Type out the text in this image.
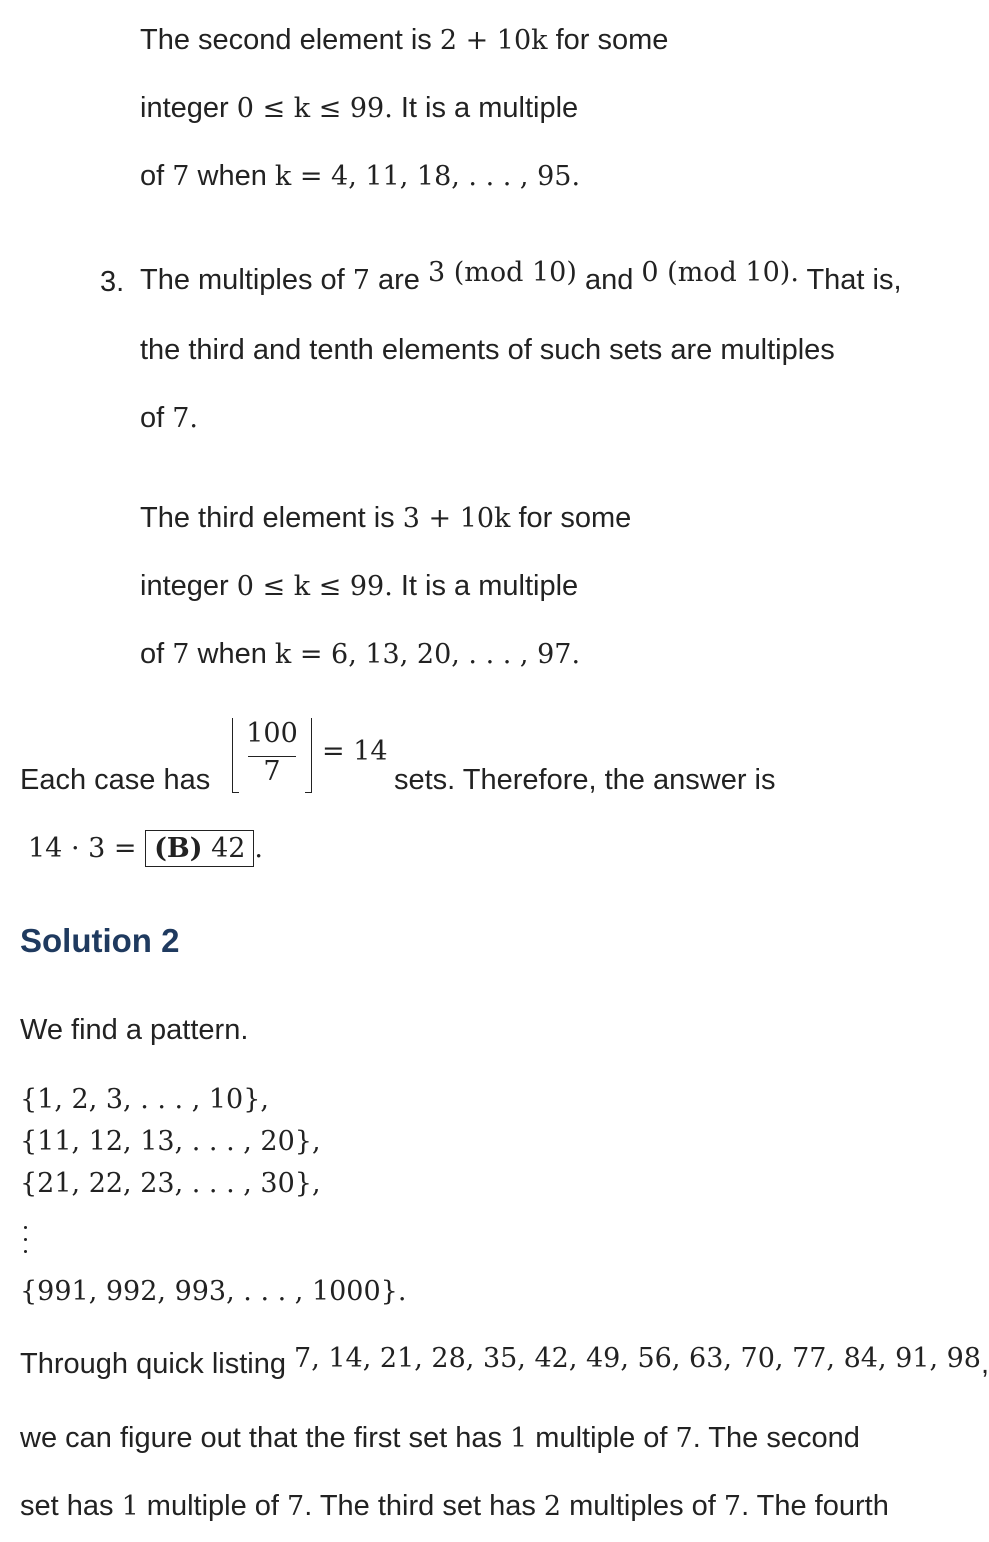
The second element is 2 + 10k for some
integer 0 ≤ k ≤ 99. It is a multiple
of 7 when k = 4, 11, 18, . . . , 95.
3. The multiples of 7 are 3 (mod 10) and 0 (mod 10). That is,
the third and tenth elements of such sets are multiples
of 7.
The third element is 3 + 10k for some
integer 0 ≤ k ≤ 99. It is a multiple
of 7 when k = 6, 13, 20, . . . , 97.
Each case has
100
7
= 14
sets. Therefore, the answer is
14 · 3 = (B) 42 .
Solution 2
We find a pattern.
{1, 2, 3, . . . , 10},
{11, 12, 13, . . . , 20},
{21, 22, 23, . . . , 30},
{991, 992, 993, . . . , 1000}.
Through quick listing 7, 14, 21, 28, 35, 42, 49, 56, 63, 70, 77, 84, 91, 98,
we can figure out that the first set has 1 multiple of 7. The second
set has 1 multiple of 7. The third set has 2 multiples of 7. The fourth
